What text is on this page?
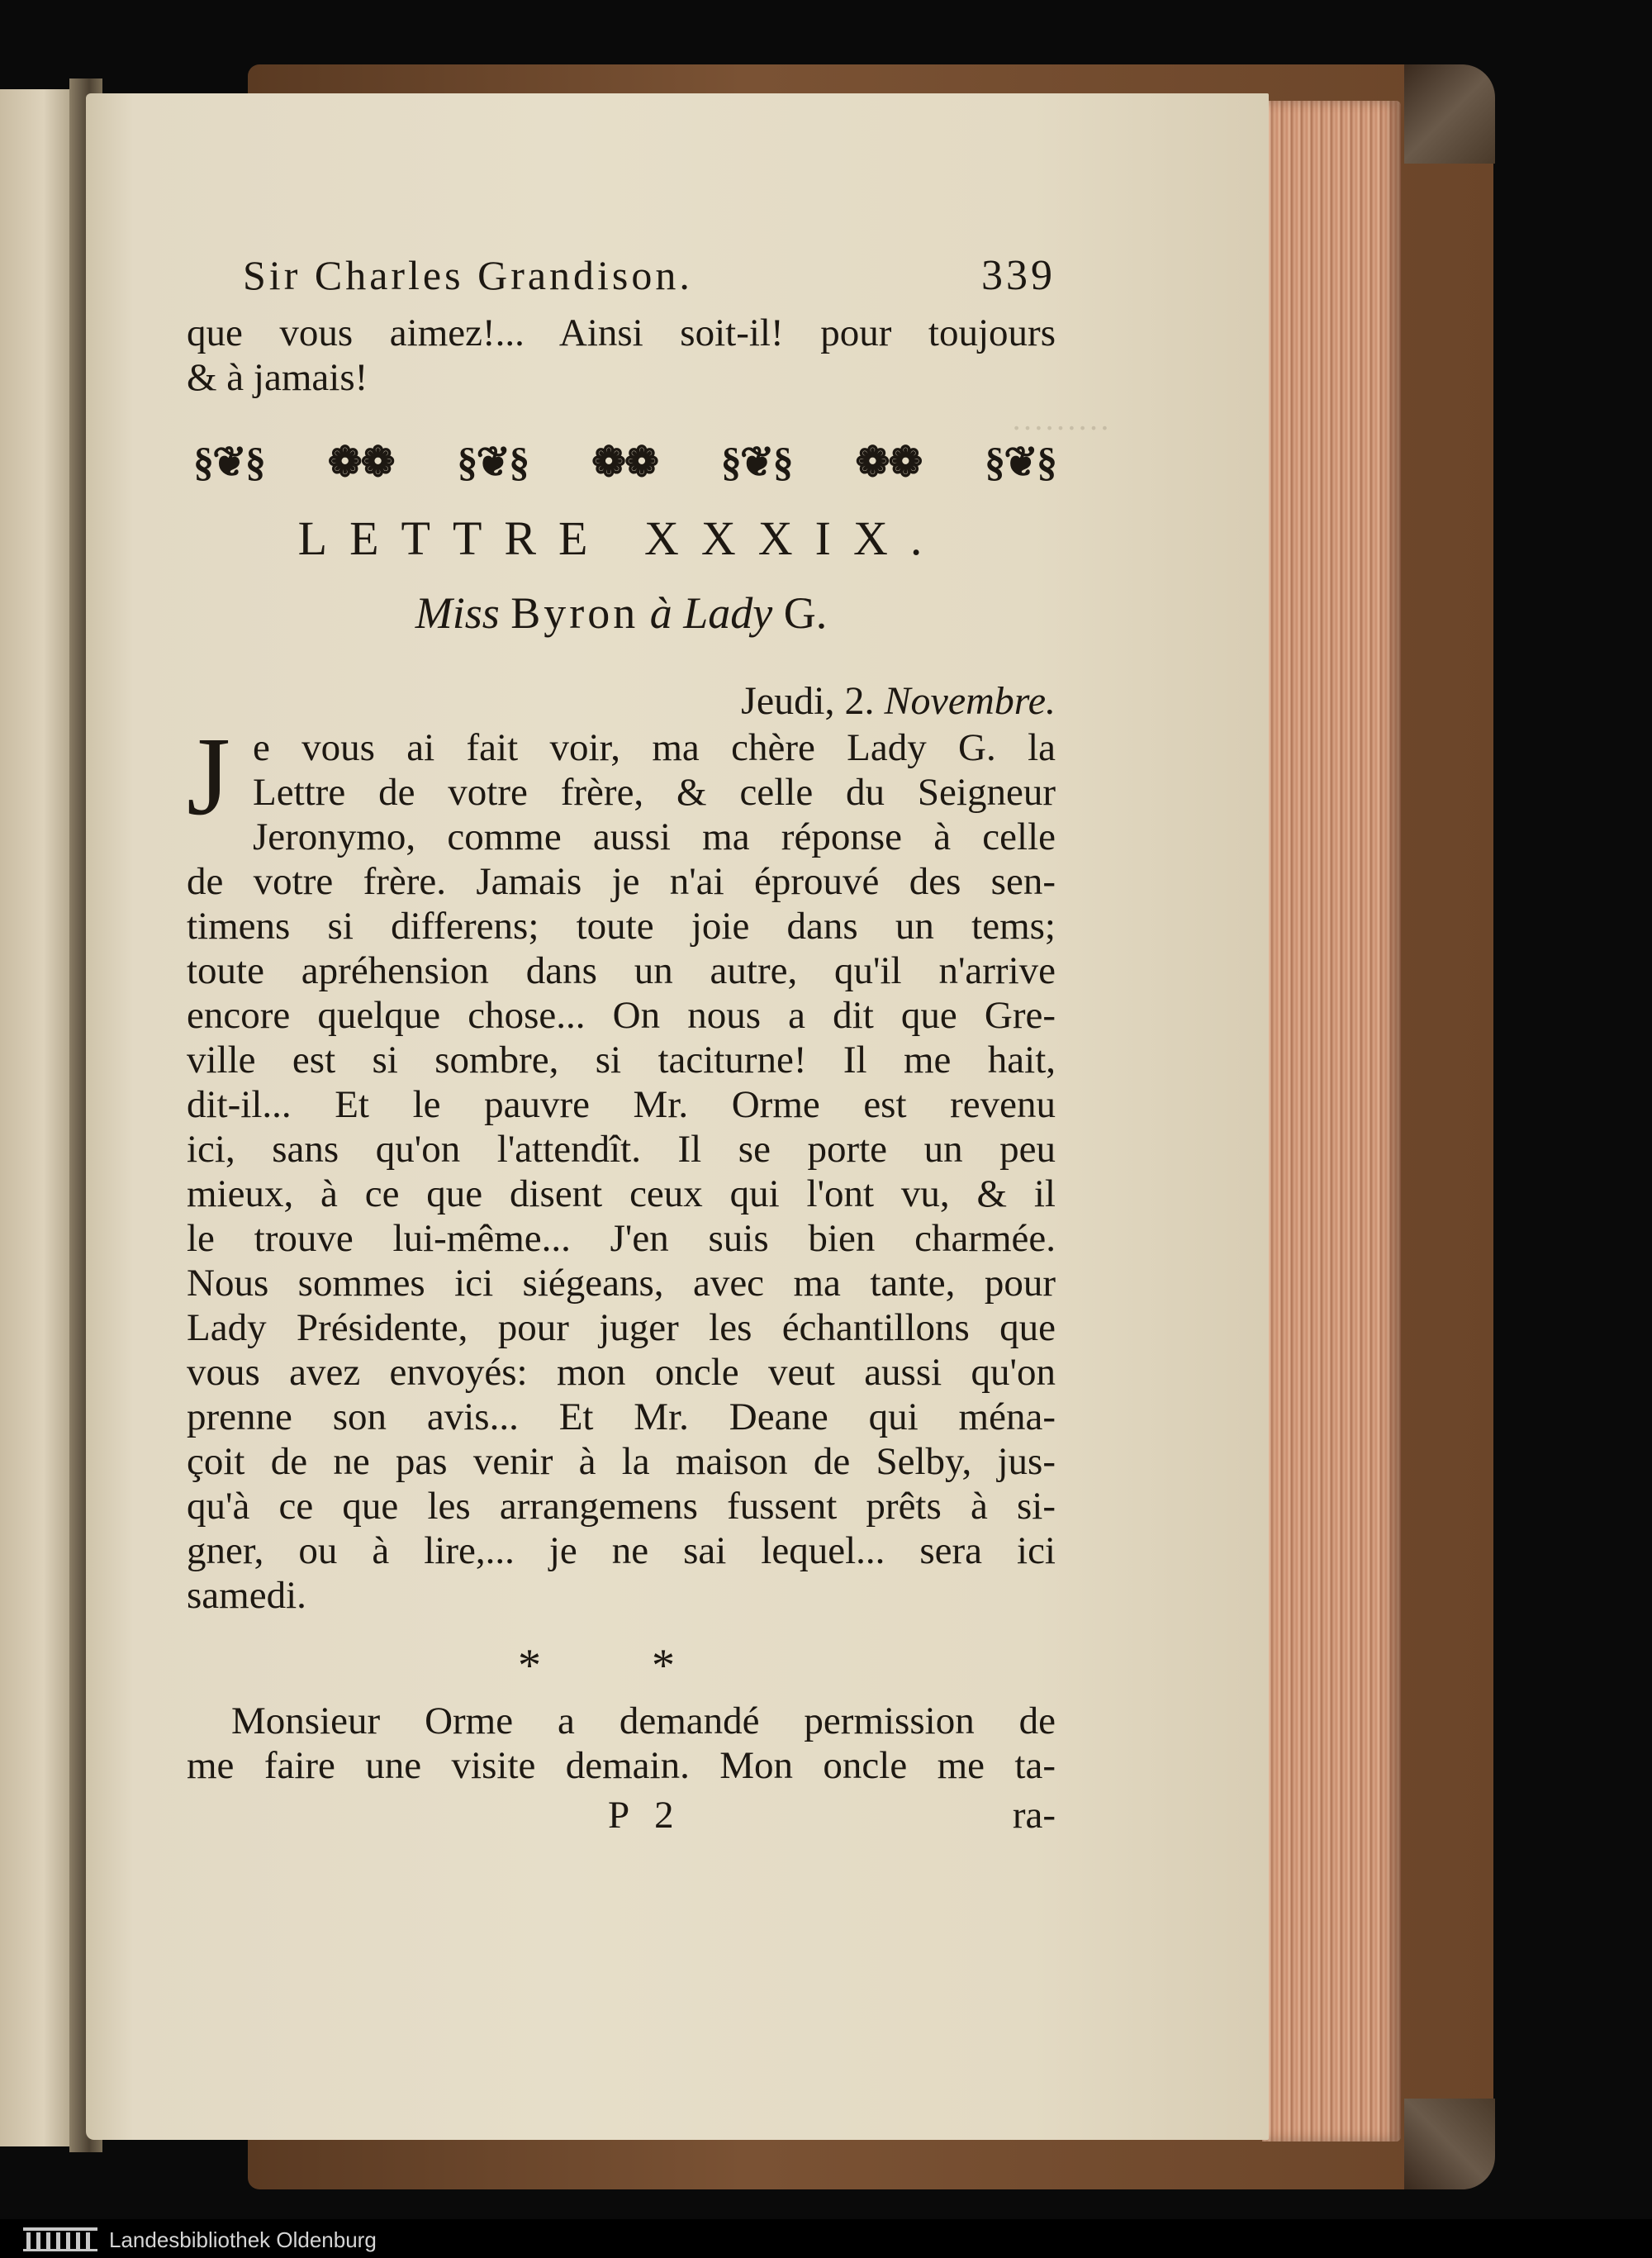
………
Sir Charles Grandison.	339
que vous aimez!... Ainsi soit-il! pour toujours
& à jamais!
§❦§ ❁❁ §❦§ ❁❁ §❦§ ❁❁ §❦§
LETTRE XXXIX.
Miss Byron à Lady G.
Jeudi, 2. Novembre.
J e vous ai fait voir, ma chère Lady G. la
Lettre de votre frère, & celle du Seigneur
Jeronymo, comme aussi ma réponse à celle
de votre frère. Jamais je n'ai éprouvé des sen-
timens si differens; toute joie dans un tems;
toute apréhension dans un autre, qu'il n'arrive
encore quelque chose... On nous a dit que Gre-
ville est si sombre, si taciturne! Il me hait,
dit-il... Et le pauvre Mr. Orme est revenu
ici, sans qu'on l'attendît. Il se porte un peu
mieux, à ce que disent ceux qui l'ont vu, & il
le trouve lui-même... J'en suis bien charmée.
Nous sommes ici siégeans, avec ma tante, pour
Lady Présidente, pour juger les échantillons que
vous avez envoyés: mon oncle veut aussi qu'on
prenne son avis... Et Mr. Deane qui ména-
çoit de ne pas venir à la maison de Selby, jus-
qu'à ce que les arrangemens fussent prêts à si-
gner, ou à lire,... je ne sai lequel... sera ici
samedi.
* *
Monsieur Orme a demandé permission de
me faire une visite demain. Mon oncle me ta-
P 2	ra-
Landesbibliothek Oldenburg
